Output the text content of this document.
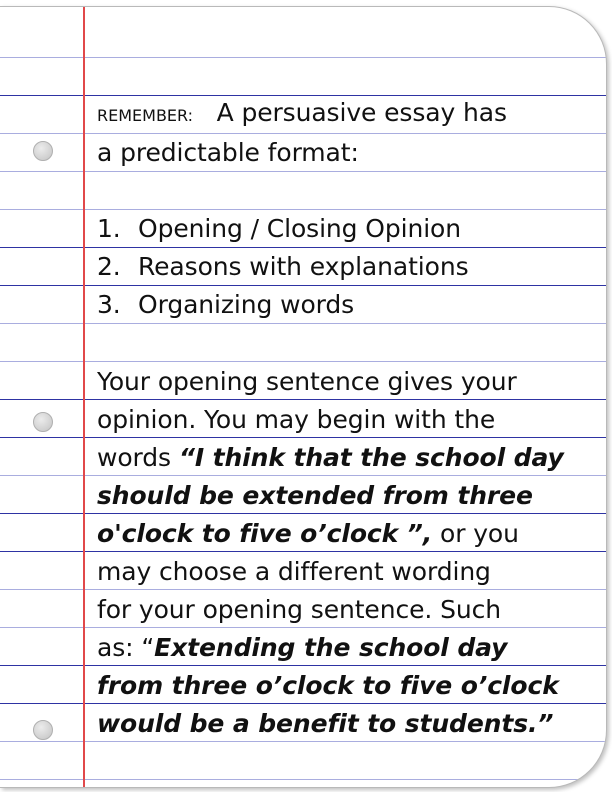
REMEMBER: A persuasive essay has
a predictable format:
1. Opening / Closing Opinion
2. Reasons with explanations
3. Organizing words
Your opening sentence gives your
opinion. You may begin with the
words “I think that the school day
should be extended from three
o'clock to five o’clock ”, or you
may choose a different wording
for your opening sentence. Such
as: “Extending the school day
from three o’clock to five o’clock
would be a benefit to students.”
